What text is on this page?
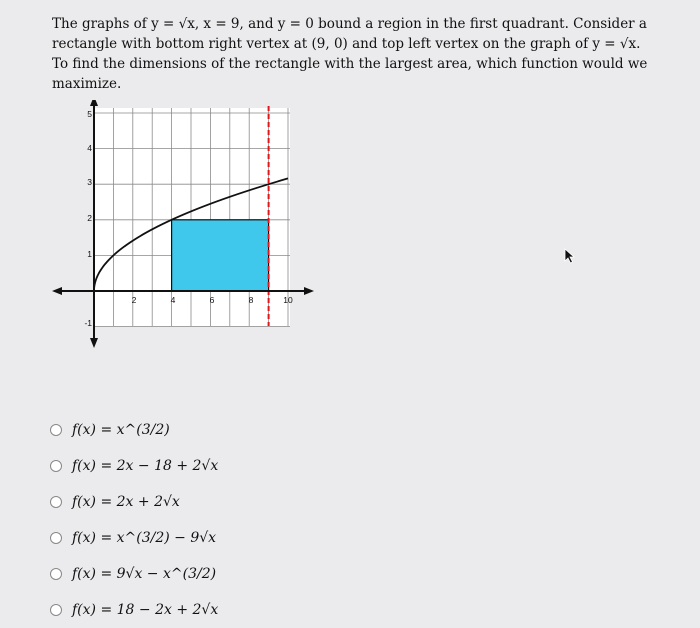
The graphs of y = √x, x = 9, and y = 0 bound a region in the first quadrant. Consider a

rectangle with bottom right vertex at (9, 0) and top left vertex on the graph of y = √x.

To find the dimensions of the rectangle with the largest area, which function would we maximize.

2	4	6	8	10
5
4
3
2
1
-1
f(x) = x^(3/2)
f(x) = 2x − 18 + 2√x
f(x) = 2x + 2√x
f(x) = x^(3/2) − 9√x
f(x) = 9√x − x^(3/2)
f(x) = 18 − 2x + 2√x
